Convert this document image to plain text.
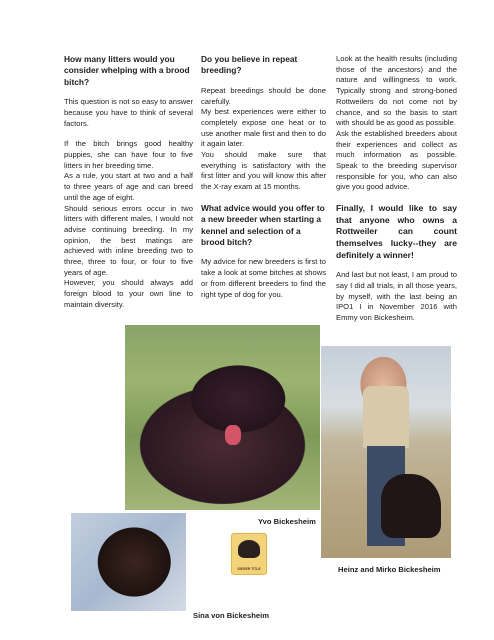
How many litters would you consider whelping with a brood bitch?

This question is not so easy to answer because you have to think of several factors.

If the bitch brings good healthy puppies, she can have four to five litters in her breeding time.

As a rule, you start at two and a half to three years of age and can breed until the age of eight.

Should serious errors occur in two litters with different males, I would not advise continuing breeding. In my opinion, the best matings are achieved with inline breeding two to three, three to four, or four to five years of age.

However, you should always add foreign blood to your own line to maintain diversity.

Do you believe in repeat breeding?

Repeat breedings should be done carefully.

My best experiences were either to completely expose one heat or to use another male first and then to do it again later.

You should make sure that everything is satisfactory with the first litter and you will know this after the X-ray exam at 15 months.

What advice would you offer to a new breeder when starting a kennel and selection of a brood bitch?

My advice for new breeders is first to take a look at some bitches at shows or from different breeders to find the right type of dog for you.

Look at the health results (including those of the ancestors) and the nature and willingness to work. Typically strong and strong-boned Rottweilers do not come not by chance, and so the basis to start with should be as good as possible.

Ask the established breeders about their experiences and collect as much information as possible. Speak to the breeding supervisor responsible for you, who can also give you good advice.

Finally, I would like to say that anyone who owns a Rottweiler can count themselves lucky--they are definitely a winner!

And last but not least, I am proud to say I did all trials, in all those years, by myself, with the last being an IPO1 I in November 2016 with Emmy von Bickesheim.

SIEGER TITLE
Yvo Bickesheim
Heinz and Mirko Bickesheim
Sina von Bickesheim
